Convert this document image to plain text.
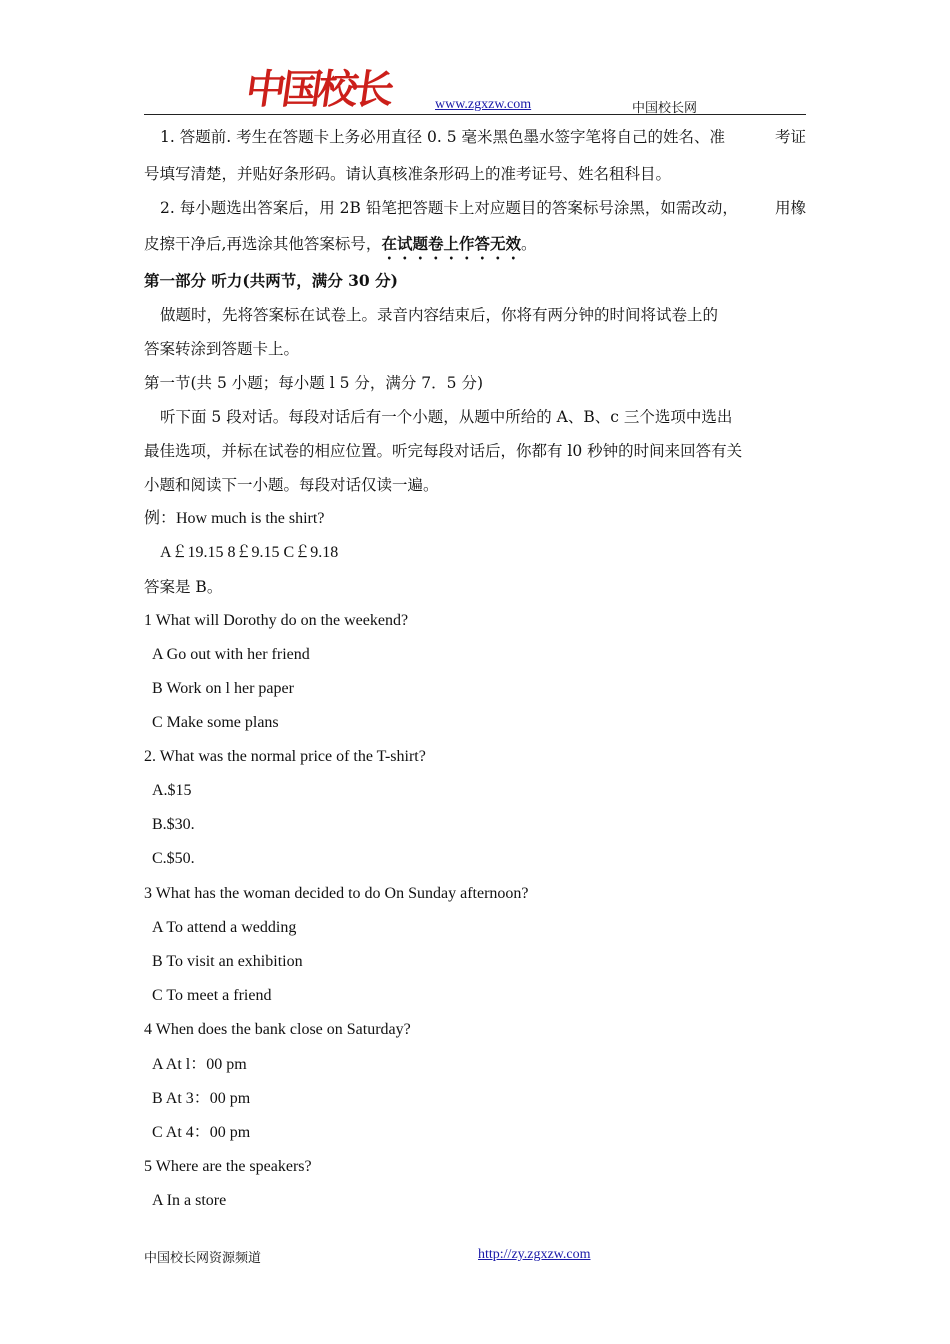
中国校长	www.zgxzw.com	中国校长网
1. 答题前. 考生在答题卡上务必用直径 0. 5 毫米黑色墨水签字笔将自己的姓名、准	考证
号填写清楚，并贴好条形码。请认真核准条形码上的准考证号、姓名租科目。
2. 每小题选出答案后，用 2B 铅笔把答题卡上对应题目的答案标号涂黑，如需改动， 用橡
皮擦干净后,再选涂其他答案标号，在试题卷上作答无效。
第一部分 听力(共两节，满分 30 分)
做题时，先将答案标在试卷上。录音内容结束后，你将有两分钟的时间将试卷上的
答案转涂到答题卡上。
第一节(共 5 小题；每小题 l 5 分，满分 7．5 分)
听下面 5 段对话。每段对话后有一个小题，从题中所给的 A、B、c 三个选项中选出
最佳选项，并标在试卷的相应位置。听完每段对话后，你都有 l0 秒钟的时间来回答有关
小题和阅读下一小题。每段对话仅读一遍。
例：How much is the shirt?
A￡19.15 8￡9.15 C￡9.18
答案是 B。
1 What will Dorothy do on the weekend?
A Go out with her friend
B Work on l her paper
C Make some plans
2. What was the normal price of the T-shirt?
A.$15
B.$30.
C.$50.
3 What has the woman decided to do On Sunday afternoon?
A To attend a wedding
B To visit an exhibition
C To meet a friend
4 When does the bank close on Saturday?
A At l：00 pm
B At 3：00 pm
C At 4：00 pm
5 Where are the speakers?
A In a store
中国校长网资源频道	http://zy.zgxzw.com
